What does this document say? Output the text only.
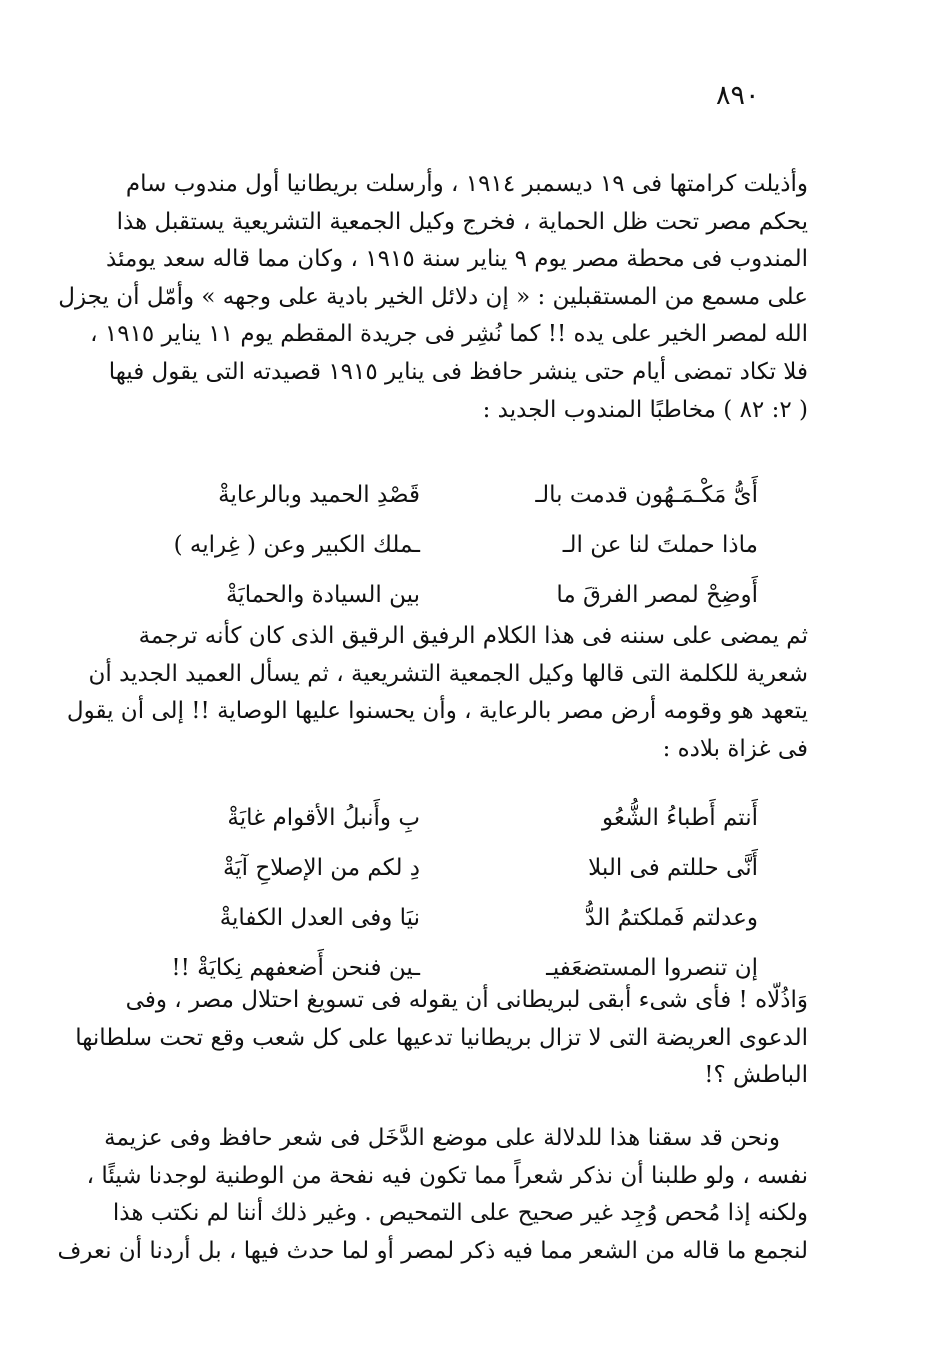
٨٩٠
وأذيلت كرامتها فى ١٩ ديسمبر ١٩١٤ ، وأرسلت بريطانيا أول مندوب سام
يحكم مصر تحت ظل الحماية ، فخرج وكيل الجمعية التشريعية يستقبل هذا
المندوب فى محطة مصر يوم ٩ يناير سنة ١٩١٥ ، وكان مما قاله سعد يومئذ
على مسمع من المستقبلين : « إن دلائل الخير بادية على وجهه » وأمّل أن يجزل
الله لمصر الخير على يده !! كما نُشِر فى جريدة المقطم يوم ١١ يناير ١٩١٥ ،
فلا تكاد تمضى أيام حتى ينشر حافظ فى يناير ١٩١٥ قصيدته التى يقول فيها
( ٢: ٨٢ ) مخاطبًا المندوب الجديد :
أَىُّ مَكْـمَـهُون قدمت بالـ
قَصْدِ الحميد وبالرعايةْ
ماذا حملتَ لنا عن الـ
ـملك الكبير وعن ( غِرايه )
أَوضِحْ لمصر الفرقَ ما
بين السيادة والحمايَةْ
ثم يمضى على سننه فى هذا الكلام الرفيق الرقيق الذى كان كأنه ترجمة
شعرية للكلمة التى قالها وكيل الجمعية التشريعية ، ثم يسأل العميد الجديد أن
يتعهد هو وقومه أرض مصر بالرعاية ، وأن يحسنوا عليها الوصاية !! إلى أن يقول
فى غزاة بلاده :
أَنتم أَطباءُ الشُّعُو
بِ وأَنبلُ الأقوام غايَةْ
أَنَّى حللتم فى البلا
دِ لكم من الإصلاحِ آيَةْ
وعدلتم فَملكتمُ الدُّ
نيَا وفى العدل الكفايةْ
إن تنصروا المستضعَفيـ
ـين فنحن أَضعفهم نِكايَةْ !!
وَاذُلّاه ! فأى شىء أبقى لبريطانى أن يقوله فى تسويغ احتلال مصر ، وفى
الدعوى العريضة التى لا تزال بريطانيا تدعيها على كل شعب وقع تحت سلطانها
الباطش ؟!
ونحن قد سقنا هذا للدلالة على موضع الدَّخَل فى شعر حافظ وفى عزيمة
نفسه ، ولو طلبنا أن نذكر شعراً مما تكون فيه نفحة من الوطنية لوجدنا شيئًا ،
ولكنه إذا مُحص وُجِد غير صحيح على التمحيص . وغير ذلك أننا لم نكتب هذا
لنجمع ما قاله من الشعر مما فيه ذكر لمصر أو لما حدث فيها ، بل أردنا أن نعرف
